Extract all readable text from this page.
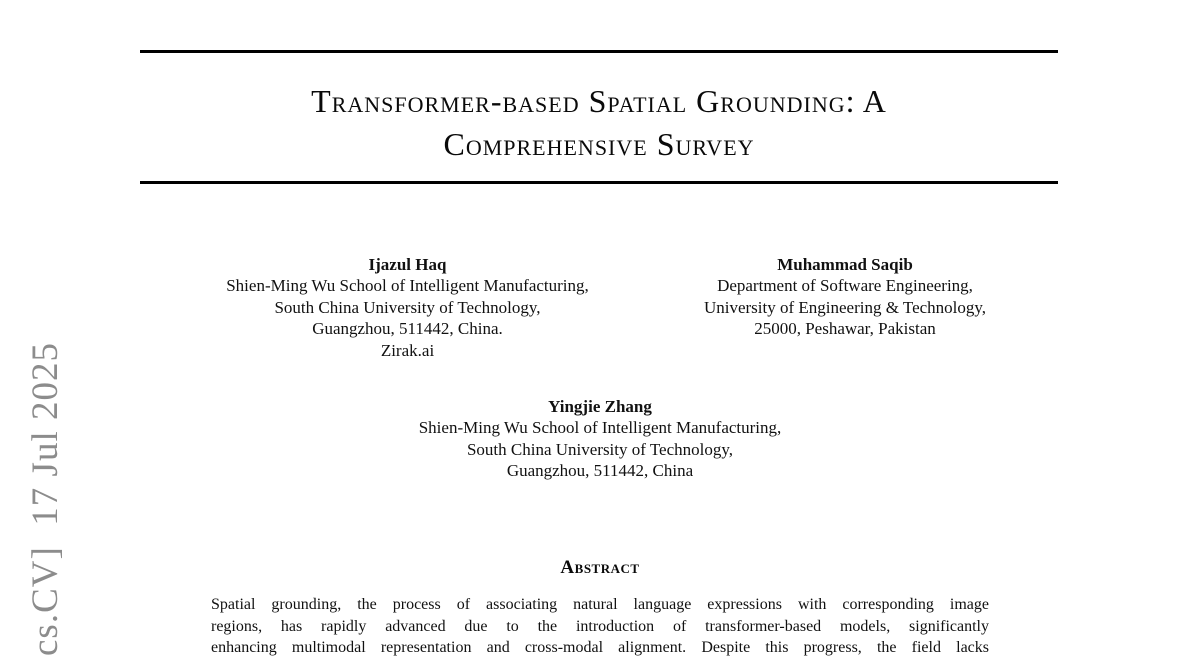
cs.CV]  17 Jul 2025
Transformer-based Spatial Grounding: A
Comprehensive Survey
Ijazul Haq
Shien-Ming Wu School of Intelligent Manufacturing,
South China University of Technology,
Guangzhou, 511442, China.
Zirak.ai
Muhammad Saqib
Department of Software Engineering,
University of Engineering & Technology,
25000, Peshawar, Pakistan
Yingjie Zhang
Shien-Ming Wu School of Intelligent Manufacturing,
South China University of Technology,
Guangzhou, 511442, China
Abstract
Spatial grounding, the process of associating natural language expressions with corresponding image
regions, has rapidly advanced due to the introduction of transformer-based models, significantly
enhancing multimodal representation and cross-modal alignment. Despite this progress, the field lacks
